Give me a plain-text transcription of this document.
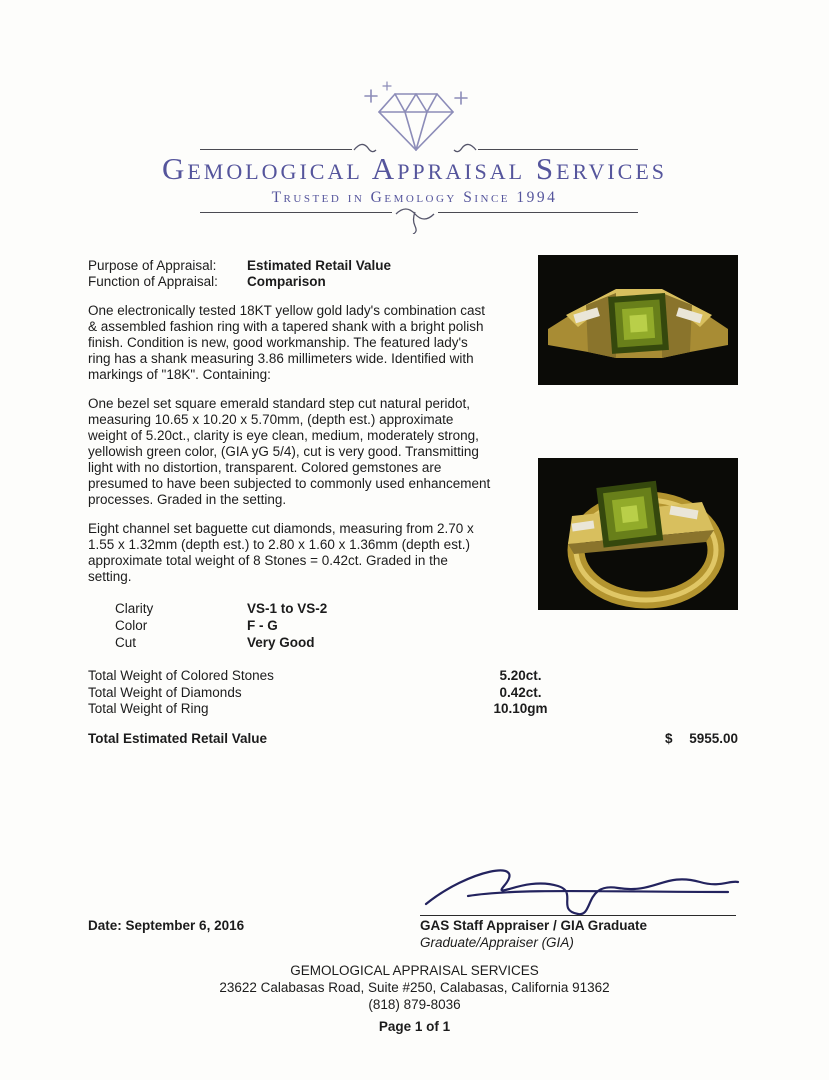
Gemological Appraisal Services
Trusted in Gemology Since 1994
Purpose of Appraisal:	Estimated Retail Value
Function of Appraisal:	Comparison

One electronically tested 18KT yellow gold lady's combination cast & assembled fashion ring with a tapered shank with a bright polish finish. Condition is new, good workmanship. The featured lady's ring has a shank measuring 3.86 millimeters wide. Identified with markings of "18K". Containing:

One bezel set square emerald standard step cut natural peridot, measuring 10.65 x 10.20 x 5.70mm, (depth est.) approximate weight of 5.20ct., clarity is eye clean, medium, moderately strong, yellowish green color, (GIA yG 5/4), cut is very good. Transmitting light with no distortion, transparent. Colored gemstones are presumed to have been subjected to commonly used enhancement processes. Graded in the setting.

Eight channel set baguette cut diamonds, measuring from 2.70 x 1.55 x 1.32mm (depth est.) to 2.80 x 1.60 x 1.36mm (depth est.) approximate total weight of 8 Stones = 0.42ct. Graded in the setting.

Clarity	VS-1 to VS-2
Color	F - G
Cut	Very Good
Total Weight of Colored Stones	5.20ct.
Total Weight of Diamonds	0.42ct.
Total Weight of Ring	10.10gm
Total Estimated Retail Value	$ 5955.00
Date: September 6, 2016	GAS Staff Appraiser / GIA Graduate
Graduate/Appraiser (GIA)
GEMOLOGICAL APPRAISAL SERVICES
23622 Calabasas Road, Suite #250, Calabasas, California 91362
(818) 879-8036
Page 1 of 1
